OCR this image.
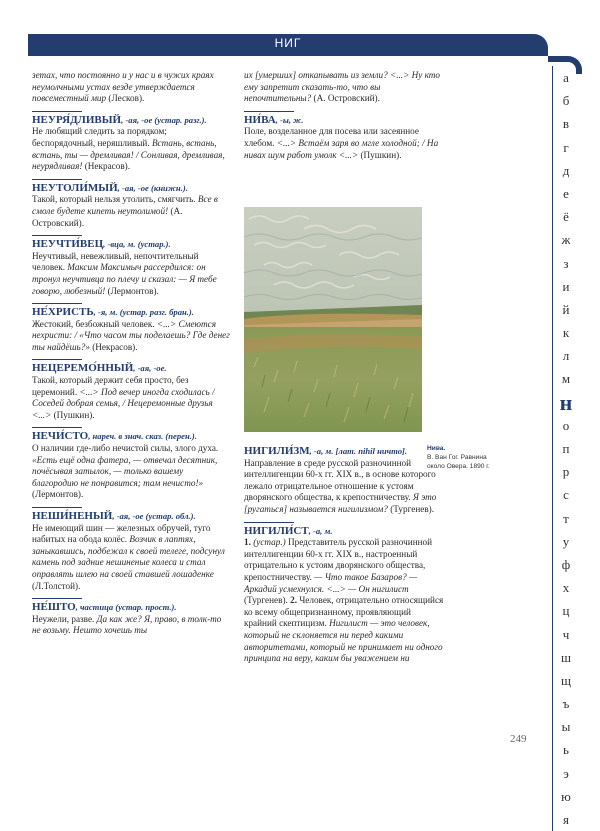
НИГ
а
б
в
г
д
е
ё
ж
з
и
й
к
л
м
н
о
п
р
с
т
у
ф
х
ц
ч
ш
щ
ъ
ы
ь
э
ю
я

зетах, что постоянно и у нас и в чужих краях неумолчными устах везде утверждается повсеместный мир (Лесков).

НЕУРЯ́ДЛИВЫЙ, -ая, -ое (устар. разг.).

Не любящий следить за порядком; беспорядочный, неряшливый. Встань, встань, встань, ты — дремливая! / Сонливая, дремливая, неурядливая! (Некрасов).

НЕУТОЛИ́МЫЙ, -ая, -ое (книжн.).

Такой, который нельзя утолить, смягчить. Все в смоле будете кипеть неутолимой! (А. Островский).

НЕУЧТИ́ВЕЦ, -вца, м. (устар.).

Неучтивый, невежливый, непочтительный человек. Максим Максимыч рассердился: он тронул неучтивца по плечу и сказал: — Я тебе говорю, любезный! (Лермонтов).

НЕ́ХРИСТЬ, -я, м. (устар. разг. бран.).

Жестокий, безбожный человек. <...> Смеются нехристи: / «Что часом ты поделаешь? Где денег ты найдёшь?» (Некрасов).

НЕЦЕРЕМО́ННЫЙ, -ая, -ое.

Такой, который держит себя просто, без церемоний. <...> Под вечер иногда сходилась / Соседей добрая семья, / Нецеремонные друзья <...> (Пушкин).

НЕЧИ́СТО, нареч. в знач. сказ. (перен.).

О наличии где-либо нечистой силы, злого духа. «Есть ещё одна фатера, — отвечал десятник, почёсывая затылок, — только вашему благородию не понравится; там нечисто!» (Лермонтов).

НЕШИ́НЕНЫЙ, -ая, -ое (устар. обл.).

Не имеющий шин — железных обручей, туго набитых на обода колёс. Возчик в лаптях, заныкавшись, подбежал к своей телеге, подсунул камень под задние нешиненые колеса и стал оправлять шлею на своей ставшей лошаденке (Л.Толстой).

НЕ́ШТО, частица (устар. прост.).

Неужели, разве. Да как же? Я, право, в толк-то не возьму. Нешто хочешь ты

их [умерших] откапывать из земли? <...> Ну кто ему запретит сказать-то, что вы непочтительны? (А. Островский).

НИ́ВА, -ы, ж.

Поле, возделанное для посева или засеянное хлебом. <...> Встаём заря во мгле холодной; / На нивах шум работ умолк <...> (Пушкин).

Нива.
В. Ван Гог. Равнина
около Овера. 1890 г.
НИГИЛИ́ЗМ, -а, м. [лат. nihil ничто].

Направление в среде русской разночинной интеллигенции 60-х гг. XIX в., в основе которого лежало отрицательное отношение к устоям дворянского общества, к крепостничеству. Я это [ругаться] называется нигилизмом? (Тургенев).

НИГИЛИ́СТ, -а, м.

1. (устар.) Представитель русской разночинной интеллигенции 60-х гг. XIX в., настроенный отрицательно к устоям дворянского общества, крепостничеству. — Что такое Базаров? — Аркадий усмехнулся. <...> — Он нигилист (Тургенев). 2. Человек, отрицательно относящийся ко всему общепризнанному, проявляющий крайний скептицизм. Нигилист — это человек, который не склоняется ни перед какими авторитетами, который не принимает ни одного принципа на веру, каким бы уважением ни

249
